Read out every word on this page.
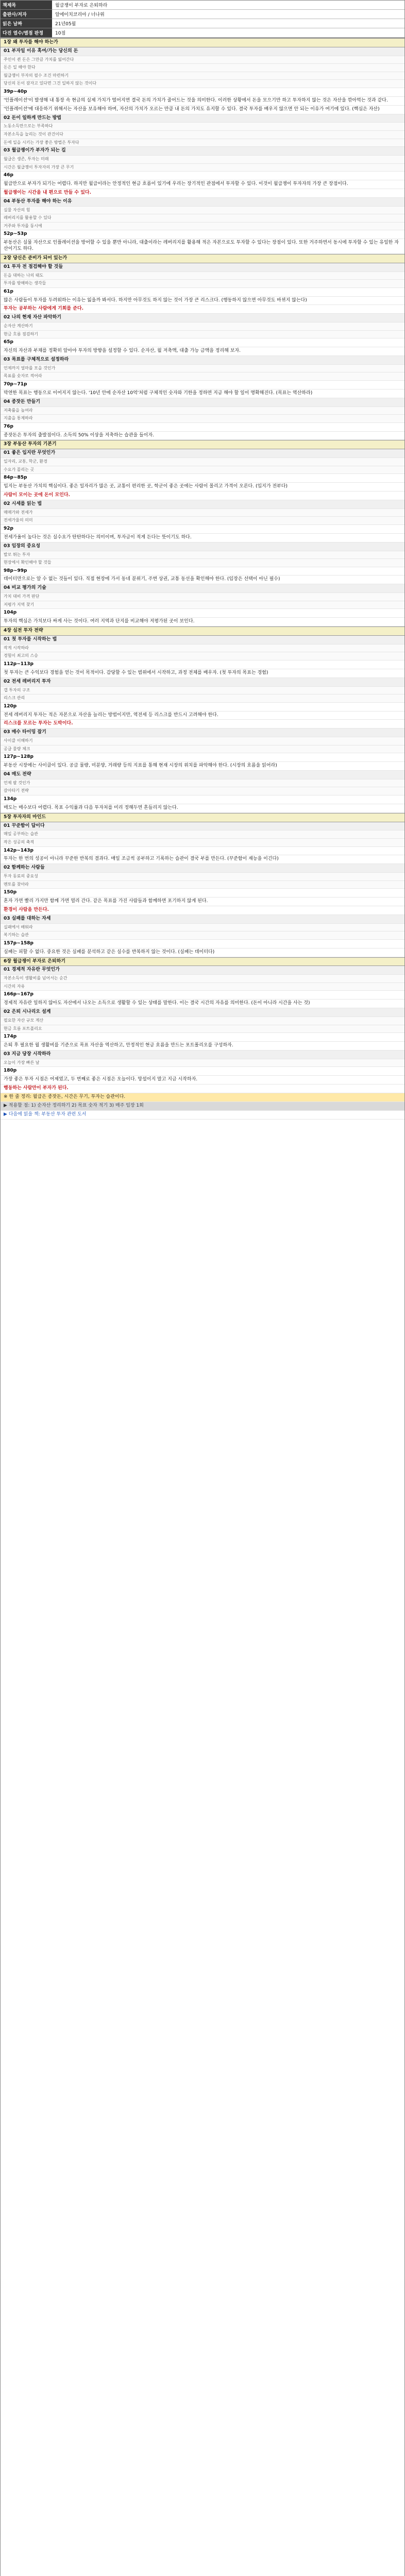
책제목	월급쟁이 부자로 은퇴하라
출판사/저자	알에이치코리아 / 너나위
읽은 날짜	21년05월
다진 열수/별점 판정	10점
1장 왜 투자를 해야 하는가
01 부자일 이유 혹여/가는 당신의 돈
주인이 쥔 돈은 그만큼 가치를 잃어간다
돈은 일 해야 한다
월급쟁이 부자의 필수 조건 마련하기
당신의 돈이 잠자고 있다면 그건 일하지 않는 것이다
39p~40p
'인플레이션'이 발생해 내 통장 속 현금의 실제 가치가 떨어지면 결국 돈의 가치가 줄어드는 것을 의미한다. 이러한 상황에서 돈을 모으기만 하고 투자하지 않는 것은 자산을 깎아먹는 것과 같다.
'인플레이션'에 대응하기 위해서는 자산을 보유해야 하며, 자산의 가치가 오르는 만큼 내 돈의 가치도 유지할 수 있다. 결국 투자를 배우지 않으면 안 되는 이유가 여기에 있다. (핵심은 자산)
02 돈이 일하게 만드는 방법
노동소득만으로는 부족하다
자본소득을 늘리는 것이 관건이다
돈에 일을 시키는 가장 좋은 방법은 투자다
03 월급쟁이가 부자가 되는 길
월급은 생존, 투자는 미래
시간은 월급쟁이 투자자의 가장 큰 무기
46p
월급만으로 부자가 되기는 어렵다. 하지만 월급이라는 안정적인 현금 흐름이 있기에 우리는 장기적인 관점에서 투자할 수 있다. 이것이 월급쟁이 투자자의 가장 큰 장점이다.
월급쟁이는 시간을 내 편으로 만들 수 있다.
04 부동산 투자를 해야 하는 이유
실물 자산의 힘
레버리지를 활용할 수 있다
거주와 투자를 동시에
52p~53p
부동산은 실물 자산으로 인플레이션을 방어할 수 있을 뿐만 아니라, 대출이라는 레버리지를 활용해 적은 자본으로도 투자할 수 있다는 장점이 있다. 또한 거주하면서 동시에 투자할 수 있는 유일한 자산이기도 하다.
2장 당신은 준비가 되어 있는가
01 투자 전 점검해야 할 것들
돈을 대하는 나의 태도
투자를 방해하는 생각들
61p
많은 사람들이 투자를 두려워하는 이유는 잃을까 봐서다. 하지만 아무것도 하지 않는 것이 가장 큰 리스크다. (행동하지 않으면 아무것도 바뀌지 않는다)
투자는 공부하는 사람에게 기회를 준다.
02 나의 현재 자산 파악하기
순자산 계산하기
현금 흐름 점검하기
65p
자신의 자산과 부채를 정확히 알아야 투자의 방향을 설정할 수 있다. 순자산, 월 저축액, 대출 가능 금액을 정리해 보자.
03 목표를 구체적으로 설정하라
언제까지 얼마를 모을 것인가
목표를 숫자로 적어라
70p~71p
막연한 목표는 행동으로 이어지지 않는다. '10년 안에 순자산 10억'처럼 구체적인 숫자와 기한을 정하면 지금 해야 할 일이 명확해진다. (목표는 역산하라)
04 종잣돈 만들기
저축률을 높여라
지출을 통제하라
76p
종잣돈은 투자의 출발점이다. 소득의 50% 이상을 저축하는 습관을 들이자.
3장 부동산 투자의 기본기
01 좋은 입지란 무엇인가
일자리, 교통, 학군, 환경
수요가 몰리는 곳
84p~85p
입지는 부동산 가치의 핵심이다. 좋은 일자리가 많은 곳, 교통이 편리한 곳, 학군이 좋은 곳에는 사람이 몰리고 가격이 오른다. (입지가 전부다)
사람이 모이는 곳에 돈이 모인다.
02 시세를 읽는 법
매매가와 전세가
전세가율의 의미
92p
전세가율이 높다는 것은 실수요가 탄탄하다는 의미이며, 투자금이 적게 든다는 뜻이기도 하다.
03 임장의 중요성
발로 뛰는 투자
현장에서 확인해야 할 것들
98p~99p
데이터만으로는 알 수 없는 것들이 있다. 직접 현장에 가서 동네 분위기, 주변 상권, 교통 동선을 확인해야 한다. (임장은 선택이 아닌 필수)
04 비교 평가의 기술
가치 대비 가격 판단
저평가 지역 찾기
104p
투자의 핵심은 가치보다 싸게 사는 것이다. 여러 지역과 단지를 비교해야 저평가된 곳이 보인다.
4장 실전 투자 전략
01 첫 투자를 시작하는 법
작게 시작하라
경험이 최고의 스승
112p~113p
첫 투자는 큰 수익보다 경험을 얻는 것이 목적이다. 감당할 수 있는 범위에서 시작하고, 과정 전체를 배우자. (첫 투자의 목표는 경험)
02 전세 레버리지 투자
갭 투자의 구조
리스크 관리
120p
전세 레버리지 투자는 적은 자본으로 자산을 늘리는 방법이지만, 역전세 등 리스크를 반드시 고려해야 한다.
리스크를 모르는 투자는 도박이다.
03 매수 타이밍 잡기
사이클 이해하기
공급 물량 체크
127p~128p
부동산 시장에는 사이클이 있다. 공급 물량, 미분양, 거래량 등의 지표를 통해 현재 시장의 위치를 파악해야 한다. (시장의 흐름을 읽어라)
04 매도 전략
언제 팔 것인가
갈아타기 전략
134p
매도는 매수보다 어렵다. 목표 수익률과 다음 투자처를 미리 정해두면 흔들리지 않는다.
5장 투자자의 마인드
01 꾸준함이 답이다
매일 공부하는 습관
작은 성공의 축적
142p~143p
투자는 한 번의 성공이 아니라 꾸준한 반복의 결과다. 매일 조금씩 공부하고 기록하는 습관이 결국 부를 만든다. (꾸준함이 재능을 이긴다)
02 함께하는 사람들
투자 동료의 중요성
멘토를 찾아라
150p
혼자 가면 빨리 가지만 함께 가면 멀리 간다. 같은 목표를 가진 사람들과 함께하면 포기하지 않게 된다.
환경이 사람을 만든다.
03 실패를 대하는 자세
실패에서 배워라
복기하는 습관
157p~158p
실패는 피할 수 없다. 중요한 것은 실패를 분석하고 같은 실수를 반복하지 않는 것이다. (실패는 데이터다)
6장 월급쟁이 부자로 은퇴하기
01 경제적 자유란 무엇인가
자본소득이 생활비를 넘어서는 순간
시간의 자유
166p~167p
경제적 자유란 일하지 않아도 자산에서 나오는 소득으로 생활할 수 있는 상태를 말한다. 이는 결국 시간의 자유를 의미한다. (돈이 아니라 시간을 사는 것)
02 은퇴 시나리오 설계
필요한 자산 규모 계산
현금 흐름 포트폴리오
174p
은퇴 후 필요한 월 생활비를 기준으로 목표 자산을 역산하고, 안정적인 현금 흐름을 만드는 포트폴리오를 구성하자.
03 지금 당장 시작하라
오늘이 가장 빠른 날
180p
가장 좋은 투자 시점은 어제였고, 두 번째로 좋은 시점은 오늘이다. 망설이지 말고 지금 시작하자.
행동하는 사람만이 부자가 된다.
※ 한 줄 정리: 월급은 종잣돈, 시간은 무기, 투자는 습관이다.
▶ 적용할 점: 1) 순자산 정리하기 2) 목표 숫자 적기 3) 매주 임장 1회
▶ 다음에 읽을 책: 부동산 투자 관련 도서
